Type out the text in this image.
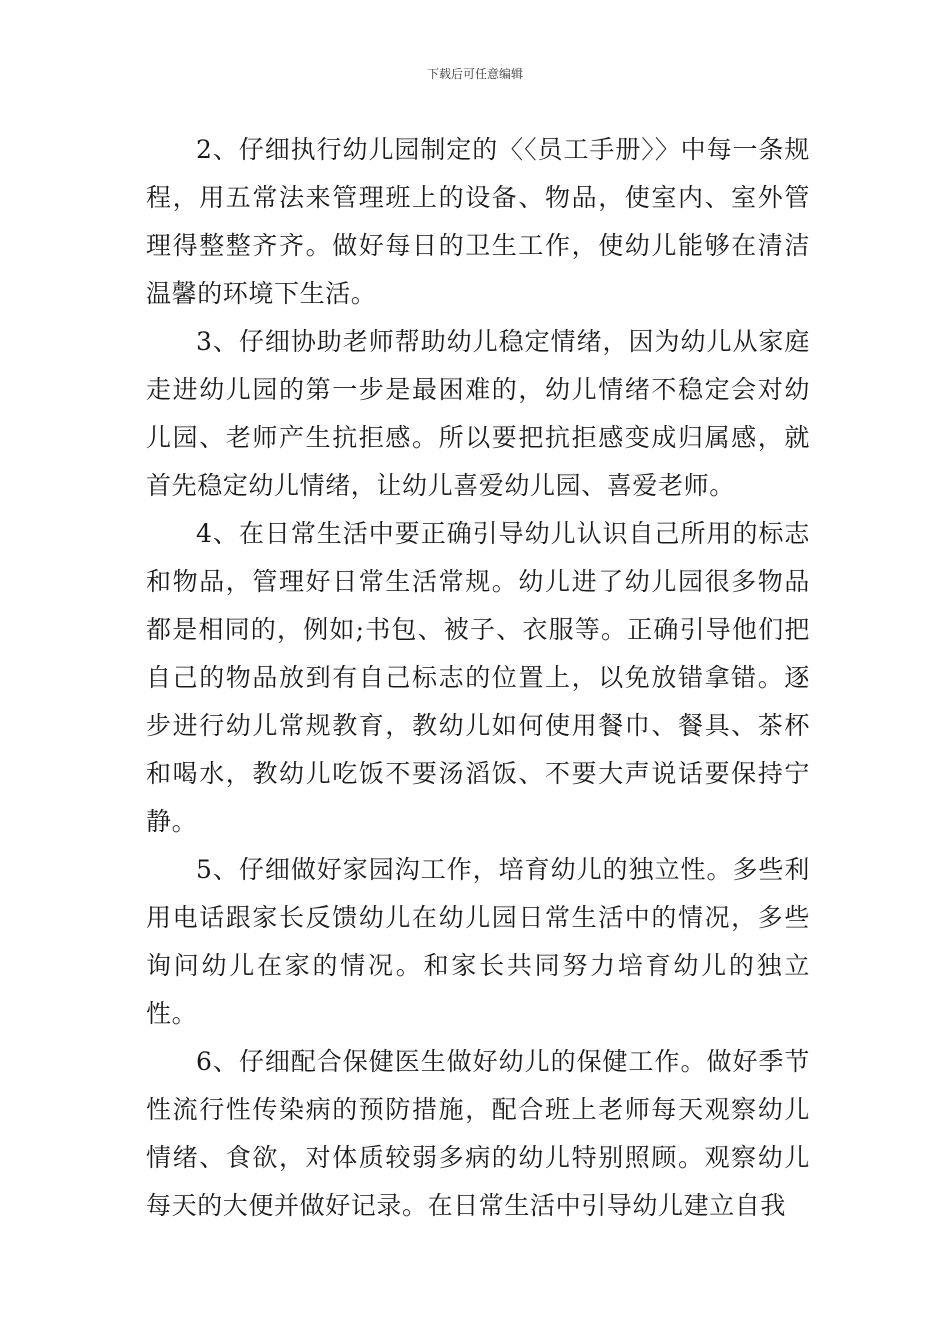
下载后可任意编辑

2、仔细执行幼儿园制定的〈〈员工手册〉〉中每一条规程，用五常法来管理班上的设备、物品，使室内、室外管理得整整齐齐。做好每日的卫生工作，使幼儿能够在清洁温馨的环境下生活。

3、仔细协助老师帮助幼儿稳定情绪，因为幼儿从家庭走进幼儿园的第一步是最困难的，幼儿情绪不稳定会对幼儿园、老师产生抗拒感。所以要把抗拒感变成归属感，就首先稳定幼儿情绪，让幼儿喜爱幼儿园、喜爱老师。

4、在日常生活中要正确引导幼儿认识自己所用的标志和物品，管理好日常生活常规。幼儿进了幼儿园很多物品都是相同的，例如;书包、被子、衣服等。正确引导他们把自己的物品放到有自己标志的位置上，以免放错拿错。逐步进行幼儿常规教育，教幼儿如何使用餐巾、餐具、茶杯和喝水，教幼儿吃饭不要汤滔饭、不要大声说话要保持宁静。

5、仔细做好家园沟工作，培育幼儿的独立性。多些利用电话跟家长反馈幼儿在幼儿园日常生活中的情况，多些询问幼儿在家的情况。和家长共同努力培育幼儿的独立性。

6、仔细配合保健医生做好幼儿的保健工作。做好季节性流行性传染病的预防措施，配合班上老师每天观察幼儿情绪、食欲，对体质较弱多病的幼儿特别照顾。观察幼儿每天的大便并做好记录。在日常生活中引导幼儿建立自我
